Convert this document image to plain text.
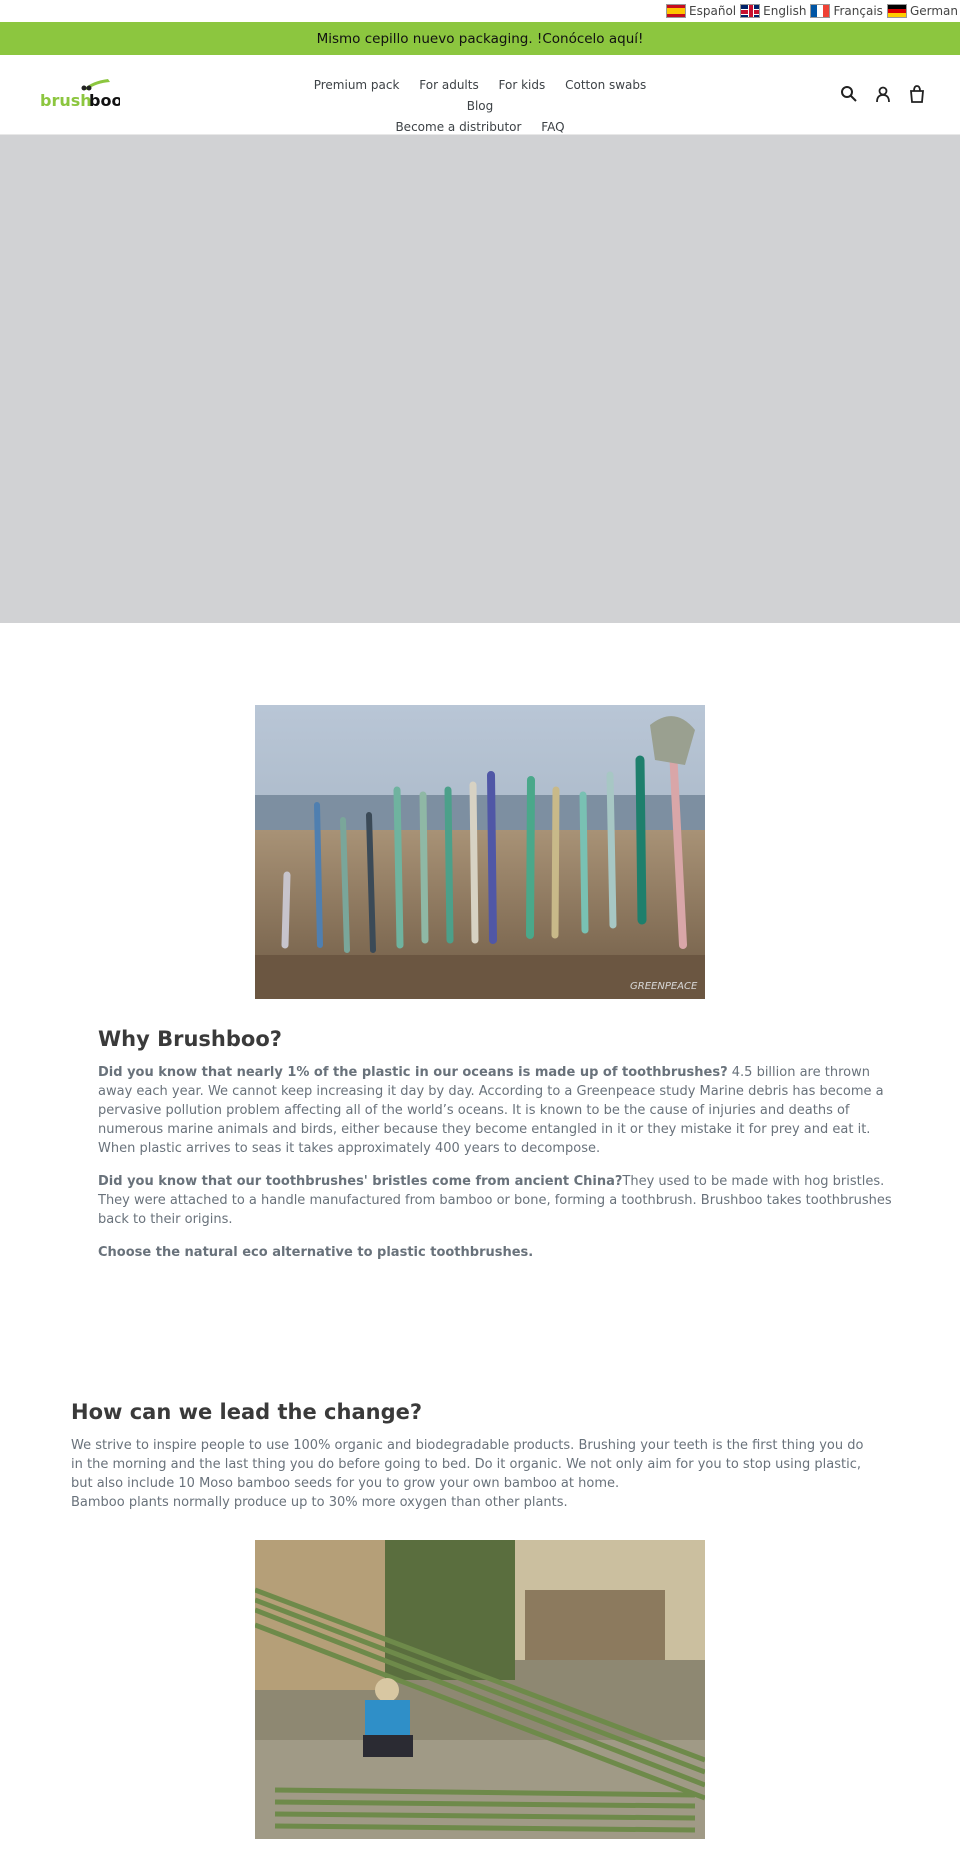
Español English Français German
Mismo cepillo nuevo packaging. !Conócelo aquí!
brush
boo
Premium pack For adults For kids Cotton swabs Blog
Become a distributor FAQ
GREENPEACE
Why Brushboo?

Did you know that nearly 1% of the plastic in our oceans is made up of toothbrushes? 4.5 billion are thrown away each year. We cannot keep increasing it day by day. According to a Greenpeace study Marine debris has become a pervasive pollution problem affecting all of the world’s oceans. It is known to be the cause of injuries and deaths of numerous marine animals and birds, either because they become entangled in it or they mistake it for prey and eat it. When plastic arrives to seas it takes approximately 400 years to decompose.

Did you know that our toothbrushes' bristles come from ancient China?They used to be made with hog bristles. They were attached to a handle manufactured from bamboo or bone, forming a toothbrush. Brushboo takes toothbrushes back to their origins.

Choose the natural eco alternative to plastic toothbrushes.

How can we lead the change?

We strive to inspire people to use 100% organic and biodegradable products. Brushing your teeth is the first thing you do in the morning and the last thing you do before going to bed. Do it organic. We not only aim for you to stop using plastic, but also include 10 Moso bamboo seeds for you to grow your own bamboo at home.

Bamboo plants normally produce up to 30% more oxygen than other plants.
